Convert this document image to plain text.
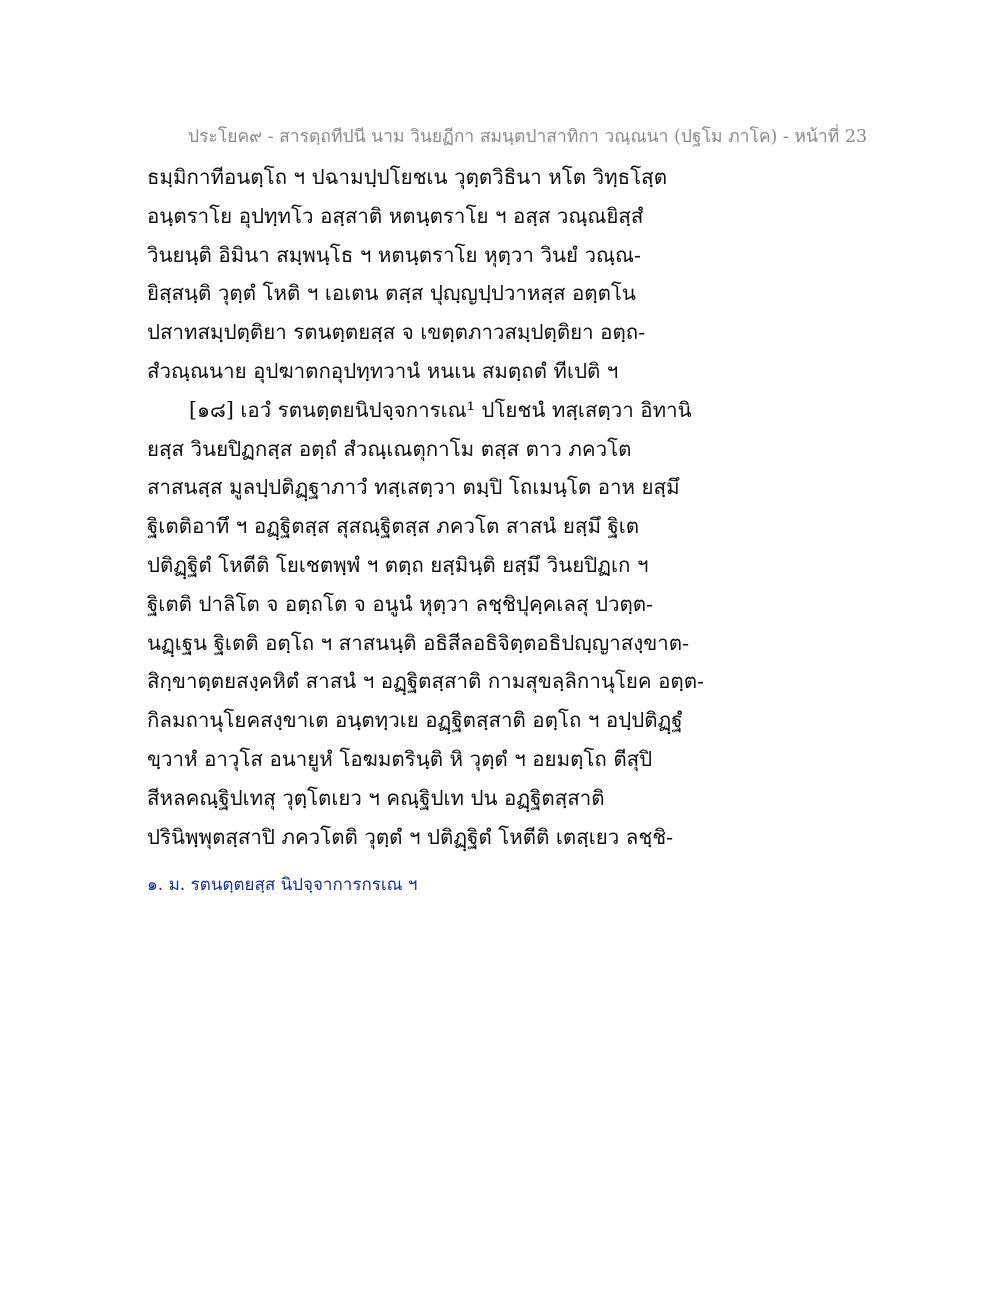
ประโยค๙ - สารตฺถทีปนี นาม วินยฏีกา สมนฺตปาสาทิกา วณฺณนา (ปฐโม ภาโค) - หน้าที่ 23
ธมฺมิกาทีอนตฺโถ ฯ ปฉามปฺปโยชเน วุตฺตวิธินา หโต วิทฺธโสฺต
อนฺตราโย อุปทฺทโว อสฺสาติ หตนฺตราโย ฯ อสฺส วณฺณยิสฺสํ
วินยนฺติ อิมินา สมฺพนฺโธ ฯ หตนฺตราโย หุตฺวา วินยํ วณฺณ-
ยิสฺสนฺติ วุตฺตํ โหติ ฯ เอเตน ตสฺส ปุญฺญปฺปวาหสฺส อตฺตโน
ปสาทสมฺปตฺติยา รตนตฺตยสฺส จ เขตฺตภาวสมฺปตฺติยา อตฺถ-
สํวณฺณนาย อุปฆาตกอุปทฺทวานํ หนเน สมตฺถตํ ทีเปติ ฯ
[๑๘] เอวํ รตนตฺตยนิปจฺจการเณ¹ ปโยชนํ ทสฺเสตฺวา อิทานิ
ยสฺส วินยปิฏกสฺส อตฺถํ สํวณฺเณตุกาโม ตสฺส ตาว ภควโต
สาสนสฺส มูลปฺปติฏฺฐาภาวํ ทสฺเสตฺวา ตมฺปิ โถเมนฺโต อาห ยสฺมึ
ฐิเตติอาทึ ฯ อฏฺฐิตสฺส สุสณฺฐิตสฺส ภควโต สาสนํ ยสฺมึ ฐิเต
ปติฏฺฐิตํ โหตีติ โยเชตพฺพํ ฯ ตตฺถ ยสฺมินฺติ ยสฺมึ วินยปิฏเก ฯ
ฐิเตติ ปาลิโต จ อตฺถโต จ อนูนํ หุตฺวา ลชฺชิปุคฺคเลสุ ปวตฺต-
นฏฺเฐน ฐิเตติ อตฺโถ ฯ สาสนนฺติ อธิสีลอธิจิตฺตอธิปญฺญาสงฺขาต-
สิกฺขาตฺตยสงฺคหิตํ สาสนํ ฯ อฏฺฐิตสฺสาติ กามสุขลฺลิกานุโยค อตฺต-
กิลมถานุโยคสงฺขาเต อนฺตทฺวเย อฏฺฐิตสฺสาติ อตฺโถ ฯ อปฺปติฏฺฐํ
ขฺวาหํ อาวุโส อนายูหํ โอฆมตรินฺติ หิ วุตฺตํ ฯ อยมตฺโถ ตีสุปิ
สีหลคณฺฐิปเทสุ วุตฺโตเยว ฯ คณฺฐิปเท ปน อฏฺฐิตสฺสาติ
ปรินิพฺพุตสฺสาปิ ภควโตติ วุตฺตํ ฯ ปติฏฺฐิตํ โหตีติ เตสฺเยว ลชฺชิ-
๑. ม. รตนตฺตยสฺส นิปจฺจาการกรเณ ฯ
